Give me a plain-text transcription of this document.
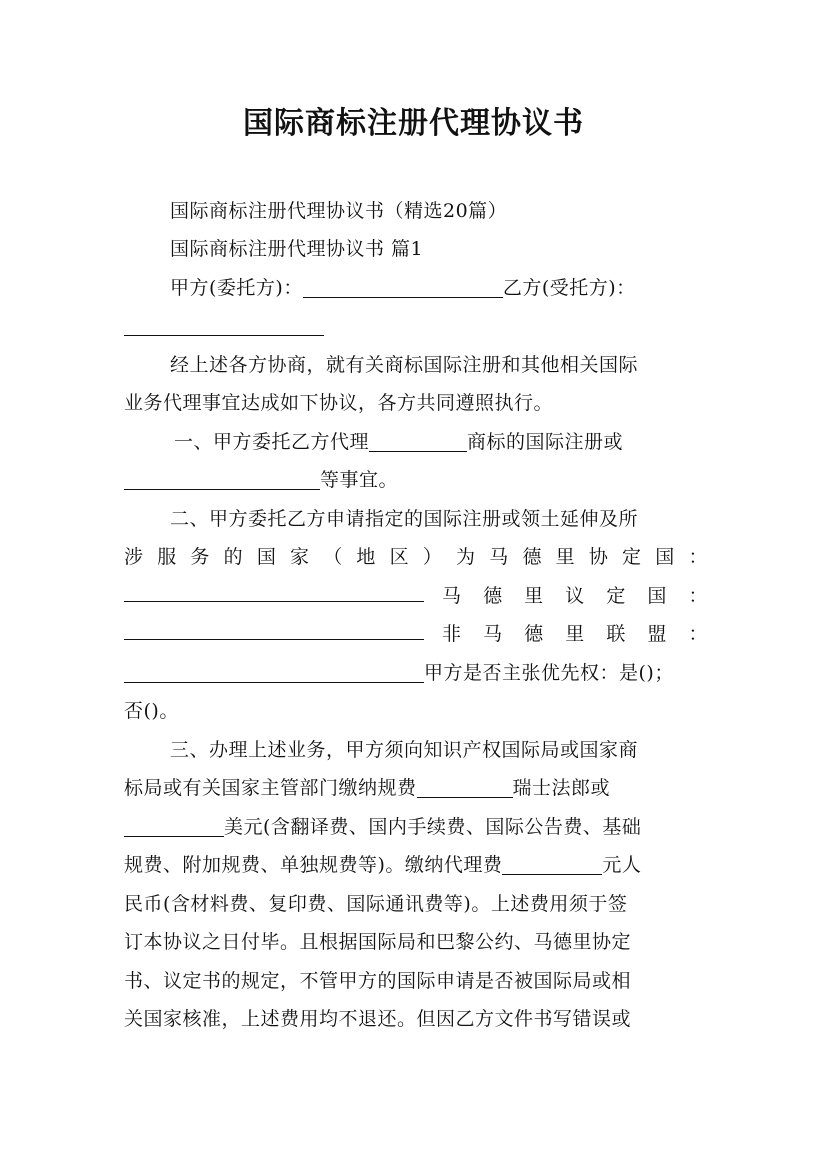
国际商标注册代理协议书
国际商标注册代理协议书（精选20篇）
国际商标注册代理协议书 篇1
甲方(委托方)：	乙方(受托方)：
经上述各方协商，就有关商标国际注册和其他相关国际
业务代理事宜达成如下协议，各方共同遵照执行。
一、甲方委托乙方代理	商标的国际注册或
等事宜。
二、甲方委托乙方申请指定的国际注册或领土延伸及所
涉 服 务 的 国 家 （ 地 区 ） 为 马 德 里 协 定 国 ：
马 德 里 议 定 国 ：
非 马 德 里 联 盟 ：
甲方是否主张优先权：是()；
否()。
三、办理上述业务，甲方须向知识产权国际局或国家商
标局或有关国家主管部门缴纳规费	瑞士法郎或
美元(含翻译费、国内手续费、国际公告费、基础
规费、附加规费、单独规费等)。缴纳代理费	元人
民币(含材料费、复印费、国际通讯费等)。上述费用须于签
订本协议之日付毕。且根据国际局和巴黎公约、马德里协定
书、议定书的规定，不管甲方的国际申请是否被国际局或相
关国家核准，上述费用均不退还。但因乙方文件书写错误或
